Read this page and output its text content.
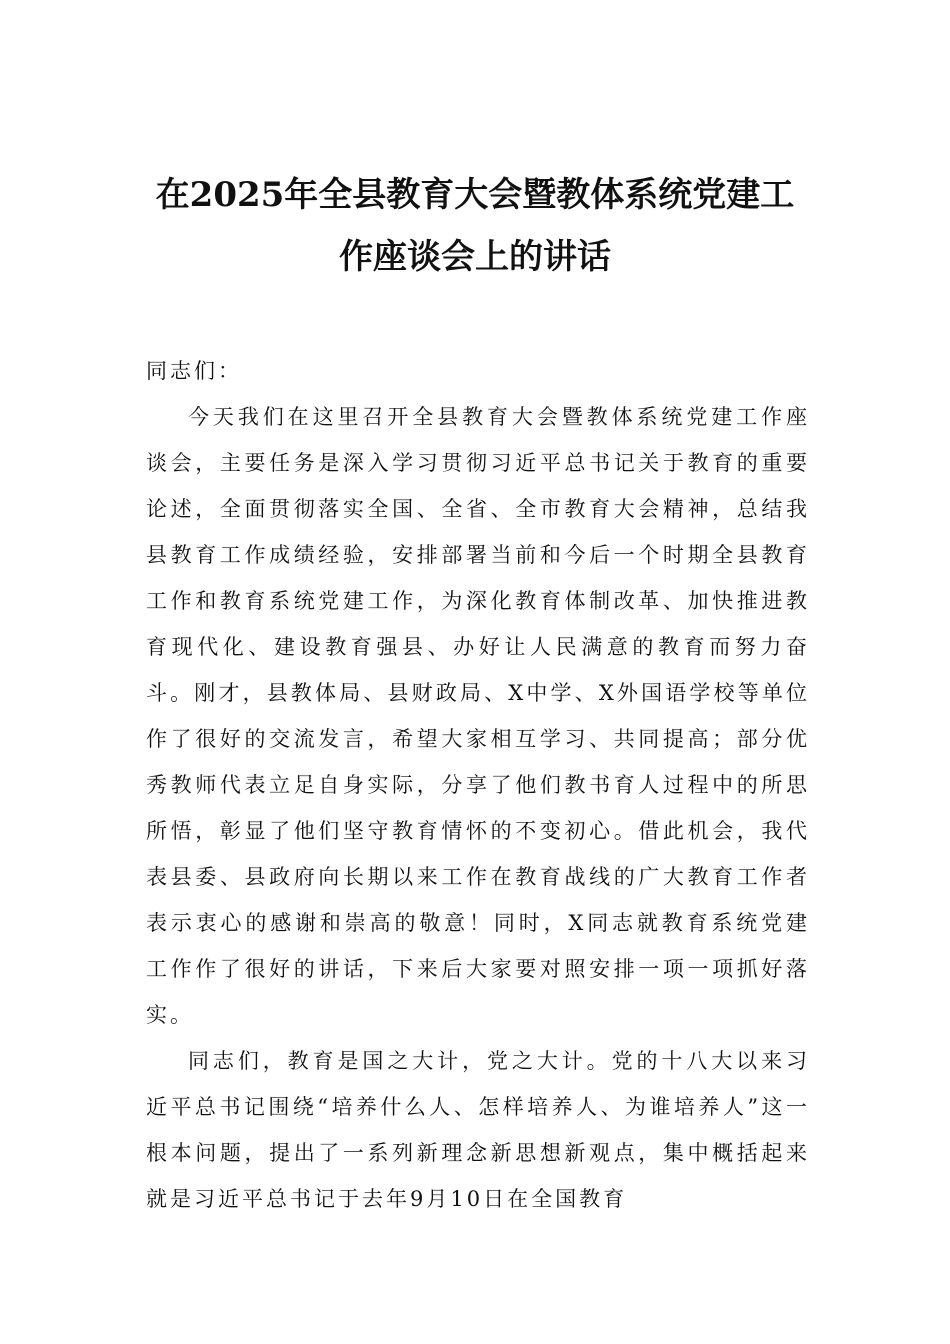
在2025年全县教育大会暨教体系统党建工
作座谈会上的讲话

同志们：

今天我们在这里召开全县教育大会暨教体系统党建工作座谈会，主要任务是深入学习贯彻习近平总书记关于教育的重要论述，全面贯彻落实全国、全省、全市教育大会精神，总结我县教育工作成绩经验，安排部署当前和今后一个时期全县教育工作和教育系统党建工作，为深化教育体制改革、加快推进教育现代化、建设教育强县、办好让人民满意的教育而努力奋斗。刚才，县教体局、县财政局、X中学、X外国语学校等单位作了很好的交流发言，希望大家相互学习、共同提高；部分优秀教师代表立足自身实际，分享了他们教书育人过程中的所思所悟，彰显了他们坚守教育情怀的不变初心。借此机会，我代表县委、县政府向长期以来工作在教育战线的广大教育工作者表示衷心的感谢和崇高的敬意！同时，X同志就教育系统党建工作作了很好的讲话，下来后大家要对照安排一项一项抓好落实。

同志们，教育是国之大计，党之大计。党的十八大以来习近平总书记围绕“培养什么人、怎样培养人、为谁培养人”这一根本问题，提出了一系列新理念新思想新观点，集中概括起来就是习近平总书记于去年9月10日在全国教育
